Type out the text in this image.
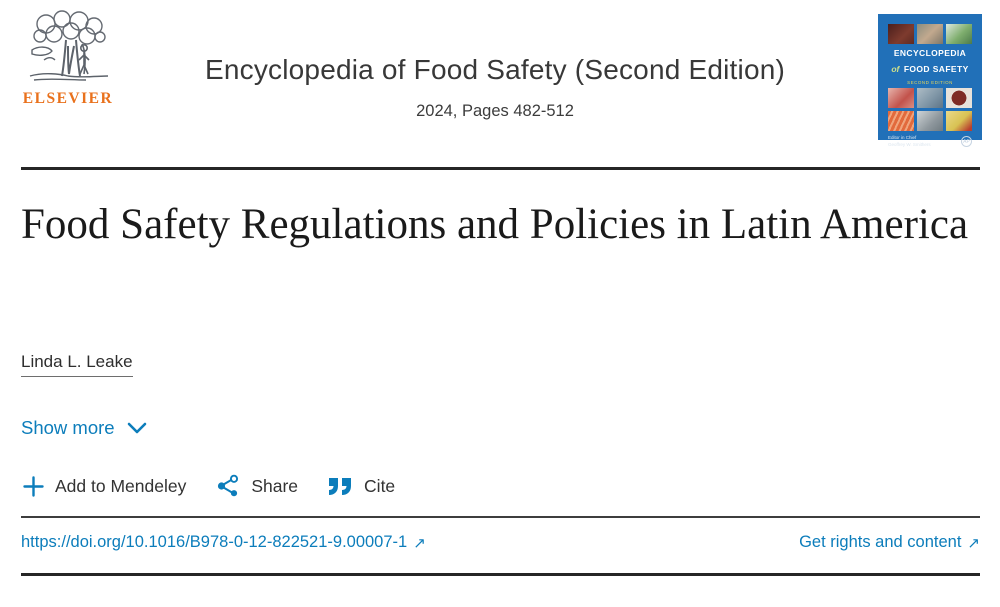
ELSEVIER
Encyclopedia of Food Safety (Second Edition)
2024, Pages 482-512
ENCYCLOPEDIA
of FOOD SAFETY
SECOND EDITION
Editor in Chief
Geoffrey W. Smithers	AP
Food Safety Regulations and Policies in Latin America
Linda L. Leake
Show more
Add to Mendeley	Share	Cite
https://doi.org/10.1016/B978-0-12-822521-9.00007-1 ↗	Get rights and content ↗
